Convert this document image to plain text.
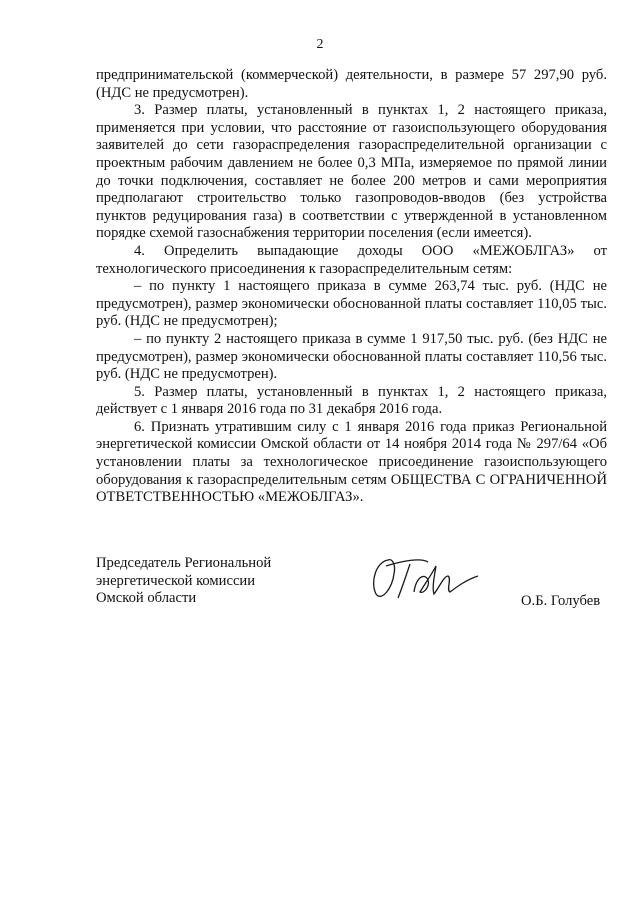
2

предпринимательской (коммерческой) деятельности, в размере 57 297,90 руб. (НДС не предусмотрен).

3. Размер платы, установленный в пунктах 1, 2 настоящего приказа, применяется при условии, что расстояние от газоиспользующего оборудования заявителей до сети газораспределения газораспределительной организации с проектным рабочим давлением не более 0,3 МПа, измеряемое по прямой линии до точки подключения, составляет не более 200 метров и сами мероприятия предполагают строительство только газопроводов-вводов (без устройства пунктов редуцирования газа) в соответствии с утвержденной в установленном порядке схемой газоснабжения территории поселения (если имеется).

4. Определить выпадающие доходы ООО «МЕЖОБЛГАЗ» от технологического присоединения к газораспределительным сетям:

– по пункту 1 настоящего приказа в сумме 263,74 тыс. руб. (НДС не предусмотрен), размер экономически обоснованной платы составляет 110,05 тыс. руб. (НДС не предусмотрен);

– по пункту 2 настоящего приказа в сумме 1 917,50 тыс. руб. (без НДС не предусмотрен), размер экономически обоснованной платы составляет 110,56 тыс. руб. (НДС не предусмотрен).

5. Размер платы, установленный в пунктах 1, 2 настоящего приказа, действует с 1 января 2016 года по 31 декабря 2016 года.

6. Признать утратившим силу с 1 января 2016 года приказ Региональной энергетической комиссии Омской области от 14 ноября 2014 года № 297/64 «Об установлении платы за технологическое присоединение газоиспользующего оборудования к газораспределительным сетям ОБЩЕСТВА С ОГРАНИЧЕННОЙ ОТВЕТСТВЕННОСТЬЮ «МЕЖОБЛГАЗ».

Председатель Региональной
энергетической комиссии
Омской области	О.Б. Голубев
